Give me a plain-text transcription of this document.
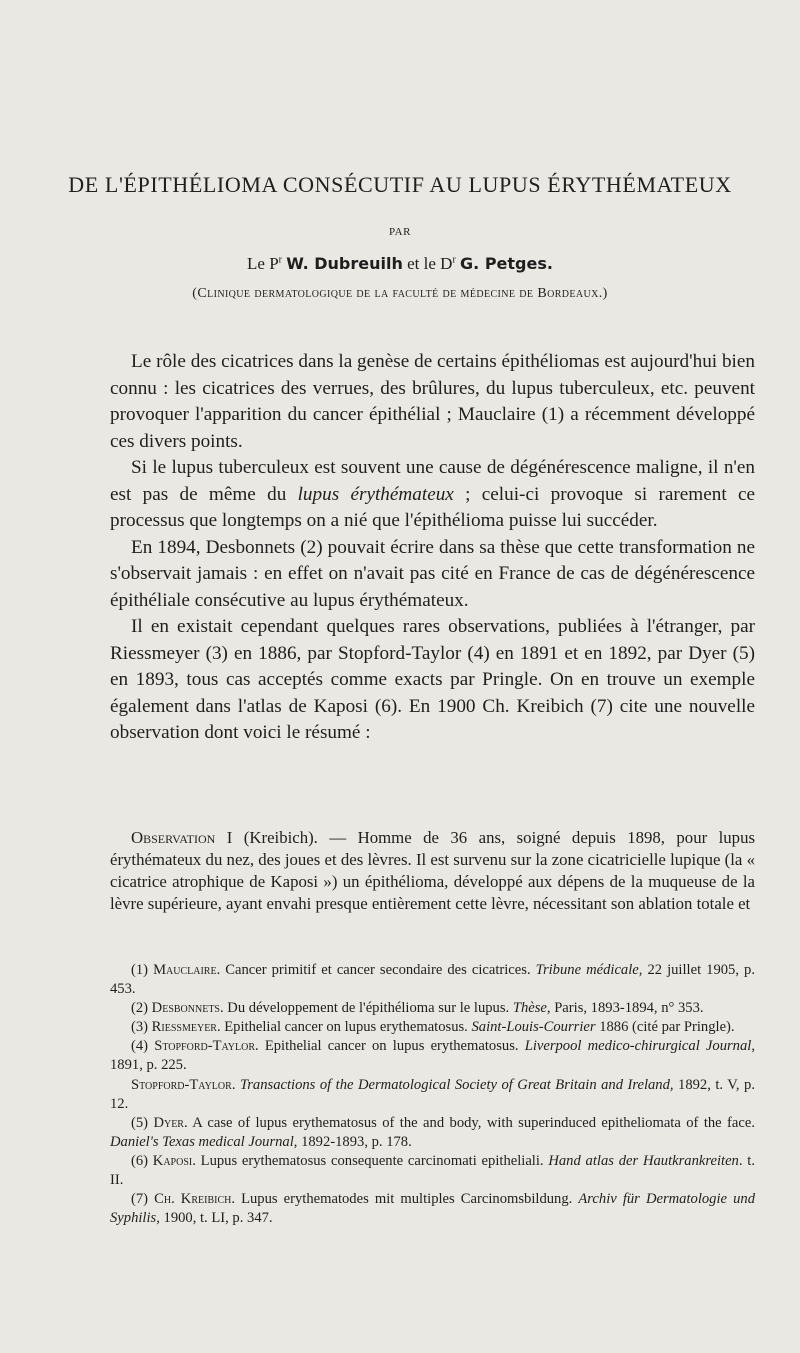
DE L'ÉPITHÉLIOMA CONSÉCUTIF AU LUPUS ÉRYTHÉMATEUX
PAR
Le $P^r$ W. Dubreuilh et le $D^r$ G. Petges.
(Clinique dermatologique de la faculté de médecine de Bordeaux.)

Le rôle des cicatrices dans la genèse de certains épithéliomas est aujourd'hui bien connu : les cicatrices des verrues, des brûlures, du lupus tuberculeux, etc. peuvent provoquer l'apparition du cancer épithélial ; Mauclaire (1) a récemment développé ces divers points.

Si le lupus tuberculeux est souvent une cause de dégénérescence maligne, il n'en est pas de même du lupus érythémateux ; celui-ci provoque si rarement ce processus que longtemps on a nié que l'épithélioma puisse lui succéder.

En 1894, Desbonnets (2) pouvait écrire dans sa thèse que cette transformation ne s'observait jamais : en effet on n'avait pas cité en France de cas de dégénérescence épithéliale consécutive au lupus érythémateux.

Il en existait cependant quelques rares observations, publiées à l'étranger, par Riessmeyer (3) en 1886, par Stopford-Taylor (4) en 1891 et en 1892, par Dyer (5) en 1893, tous cas acceptés comme exacts par Pringle. On en trouve un exemple également dans l'atlas de Kaposi (6). En 1900 Ch. Kreibich (7) cite une nouvelle observation dont voici le résumé :

Observation I (Kreibich). — Homme de 36 ans, soigné depuis 1898, pour lupus érythémateux du nez, des joues et des lèvres. Il est survenu sur la zone cicatricielle lupique (la « cicatrice atrophique de Kaposi ») un épithélioma, développé aux dépens de la muqueuse de la lèvre supérieure, ayant envahi presque entièrement cette lèvre, nécessitant son ablation totale et

(1) Mauclaire. Cancer primitif et cancer secondaire des cicatrices. Tribune médicale, 22 juillet 1905, p. 453.

(2) Desbonnets. Du développement de l'épithélioma sur le lupus. Thèse, Paris, 1893-1894, n° 353.

(3) Riessmeyer. Epithelial cancer on lupus erythematosus. Saint-Louis-Courrier 1886 (cité par Pringle).

(4) Stopford-Taylor. Epithelial cancer on lupus erythematosus. Liverpool medico-chirurgical Journal, 1891, p. 225.

Stopford-Taylor. Transactions of the Dermatological Society of Great Britain and Ireland, 1892, t. V, p. 12.

(5) Dyer. A case of lupus erythematosus of the and body, with superinduced epitheliomata of the face. Daniel's Texas medical Journal, 1892-1893, p. 178.

(6) Kaposi. Lupus erythematosus consequente carcinomati epitheliali. Hand atlas der Hautkrankreiten. t. II.

(7) Ch. Kreibich. Lupus erythematodes mit multiples Carcinomsbildung. Archiv für Dermatologie und Syphilis, 1900, t. LI, p. 347.
